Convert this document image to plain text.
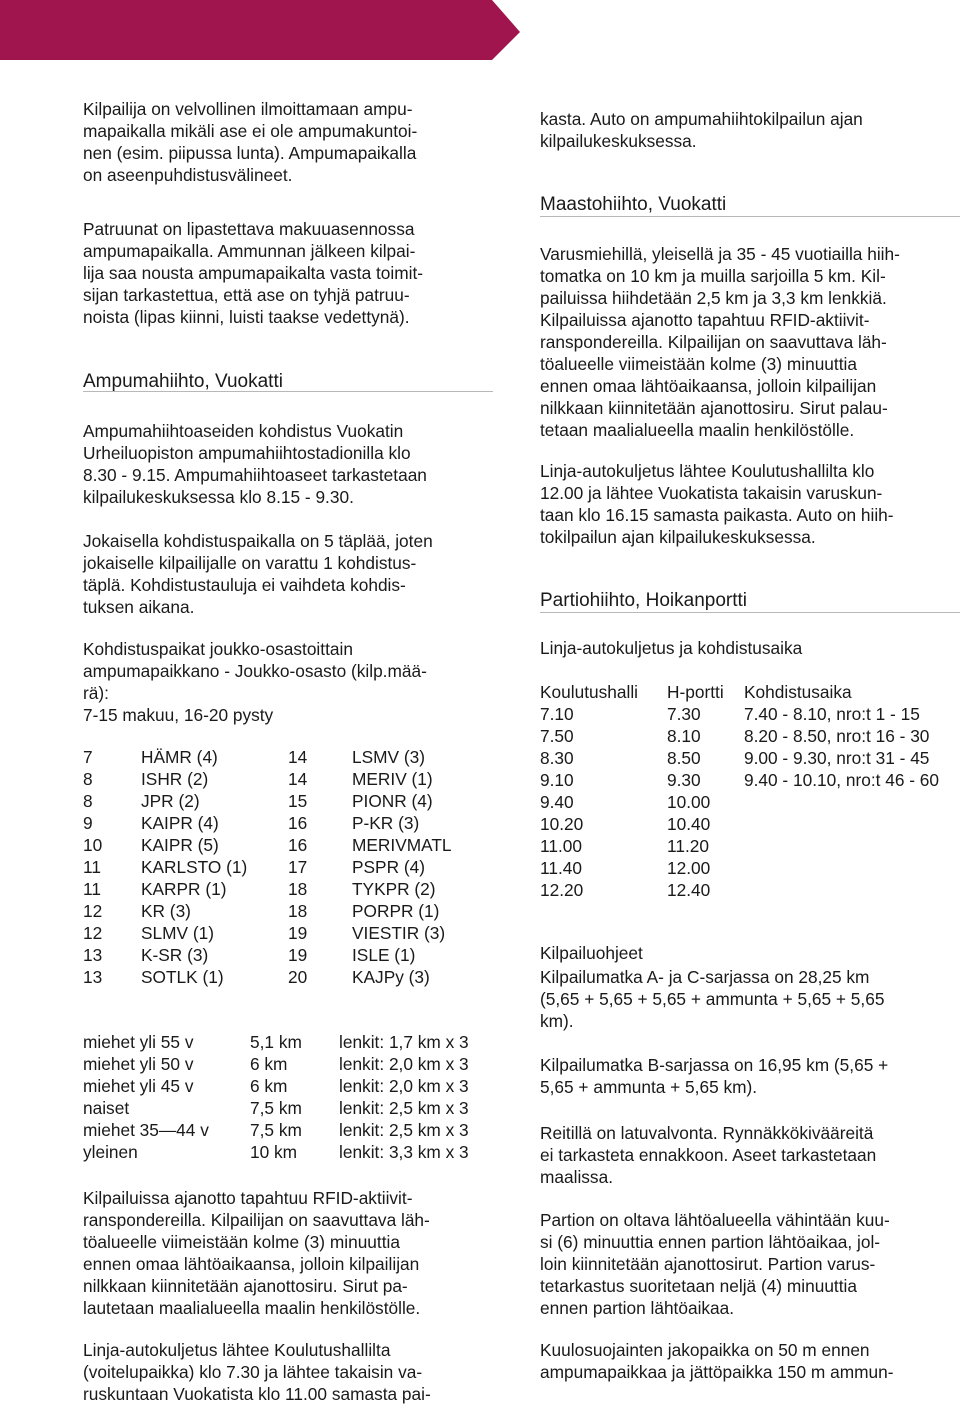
Kilpailija on velvollinen ilmoittamaan ampu-
mapaikalla mikäli ase ei ole ampumakuntoi-
nen (esim. piipussa lunta). Ampumapaikalla
on aseenpuhdistusvälineet.
Patruunat on lipastettava makuuasennossa
ampumapaikalla. Ammunnan jälkeen kilpai-
lija saa nousta ampumapaikalta vasta toimit-
sijan tarkastettua, että ase on tyhjä patruu-
noista (lipas kiinni, luisti taakse vedettynä).
Ampumahiihto, Vuokatti
Ampumahiihtoaseiden kohdistus Vuokatin
Urheiluopiston ampumahiihtostadionilla klo
8.30 - 9.15. Ampumahiihtoaseet tarkastetaan
kilpailukeskuksessa klo 8.15 - 9.30.
Jokaisella kohdistuspaikalla on 5 täplää, joten
jokaiselle kilpailijalle on varattu 1 kohdistus-
täplä. Kohdistustauluja ei vaihdeta kohdis-
tuksen aikana.
Kohdistuspaikat joukko-osastoittain
ampumapaikkano - Joukko-osasto (kilp.mää-
rä):
7-15 makuu, 16-20 pysty
7	HÄMR (4)	14	LSMV (3)
8	ISHR (2)	14	MERIV (1)
8	JPR (2)	15	PIONR (4)
9	KAIPR (4)	16	P-KR (3)
10 KAIPR (5)	16	MERIVMATL
11 KARLSTO (1) 17	PSPR (4)
11 KARPR (1)	18	TYKPR (2)
12 KR (3)	18	PORPR (1)
12 SLMV (1)	19	VIESTIR (3)
13 K-SR (3)	19	ISLE (1)
13 SOTLK (1)	20	KAJPy (3)
miehet yli 55 v	5,1 km lenkit: 1,7 km x 3
miehet yli 50 v	6 km	lenkit: 2,0 km x 3
miehet yli 45 v	6 km	lenkit: 2,0 km x 3
naiset	7,5 km lenkit: 2,5 km x 3
miehet 35—44 v 7,5 km lenkit: 2,5 km x 3
yleinen	10 km lenkit: 3,3 km x 3
Kilpailuissa ajanotto tapahtuu RFID-aktiivit-
ranspondereilla. Kilpailijan on saavuttava läh-
töalueelle viimeistään kolme (3) minuuttia
ennen omaa lähtöaikaansa, jolloin kilpailijan
nilkkaan kiinnitetään ajanottosiru. Sirut pa-
lautetaan maalialueella maalin henkilöstölle.
Linja-autokuljetus lähtee Koulutushallilta
(voitelupaikka) klo 7.30 ja lähtee takaisin va-
ruskuntaan Vuokatista klo 11.00 samasta pai-
kasta. Auto on ampumahiihtokilpailun ajan
kilpailukeskuksessa.
Maastohiihto, Vuokatti
Varusmiehillä, yleisellä ja 35 - 45 vuotiailla hiih-
tomatka on 10 km ja muilla sarjoilla 5 km. Kil-
pailuissa hiihdetään 2,5 km ja 3,3 km lenkkiä.
Kilpailuissa ajanotto tapahtuu RFID-aktiivit-
ranspondereilla. Kilpailijan on saavuttava läh-
töalueelle viimeistään kolme (3) minuuttia
ennen omaa lähtöaikaansa, jolloin kilpailijan
nilkkaan kiinnitetään ajanottosiru. Sirut palau-
tetaan maalialueella maalin henkilöstölle.
Linja-autokuljetus lähtee Koulutushallilta klo
12.00 ja lähtee Vuokatista takaisin varuskun-
taan klo 16.15 samasta paikasta. Auto on hiih-
tokilpailun ajan kilpailukeskuksessa.
Partiohiihto, Hoikanportti
Linja-autokuljetus ja kohdistusaika
Koulutushalli H-portti Kohdistusaika
7.10	7.30	7.40 - 8.10, nro:t 1 - 15
7.50	8.10	8.20 - 8.50, nro:t 16 - 30
8.30	8.50	9.00 - 9.30, nro:t 31 - 45
9.10	9.30	9.40 - 10.10, nro:t 46 - 60
9.40	10.00
10.20	10.40
11.00	11.20
11.40	12.00
12.20	12.40
Kilpailuohjeet
Kilpailumatka A- ja C-sarjassa on 28,25 km
(5,65 + 5,65 + 5,65 + ammunta + 5,65 + 5,65
km).
Kilpailumatka B-sarjassa on 16,95 km (5,65 +
5,65 + ammunta + 5,65 km).
Reitillä on latuvalvonta. Rynnäkkökivääreitä
ei tarkasteta ennakkoon. Aseet tarkastetaan
maalissa.
Partion on oltava lähtöalueella vähintään kuu-
si (6) minuuttia ennen partion lähtöaikaa, jol-
loin kiinnitetään ajanottosirut. Partion varus-
tetarkastus suoritetaan neljä (4) minuuttia
ennen partion lähtöaikaa.
Kuulosuojainten jakopaikka on 50 m ennen
ampumapaikkaa ja jättöpaikka 150 m ammun-
